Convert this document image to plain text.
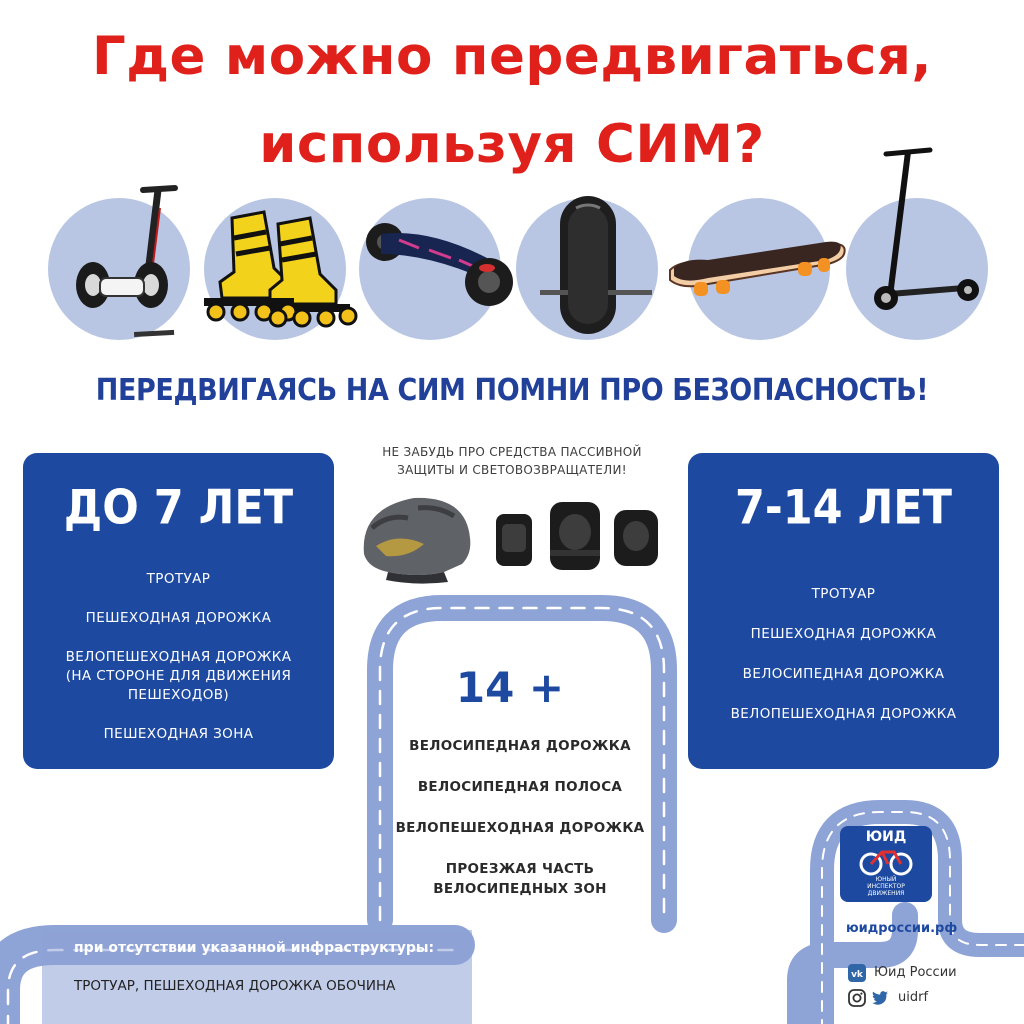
Где можно передвигаться,
используя СИМ?
ПЕРЕДВИГАЯСЬ НА СИМ ПОМНИ ПРО БЕЗОПАСНОСТЬ!
НЕ ЗАБУДЬ ПРО СРЕДСТВА ПАССИВНОЙ
ЗАЩИТЫ И СВЕТОВОЗВРАЩАТЕЛИ!
ДО 7 ЛЕТ
ТРОТУАР
ПЕШЕХОДНАЯ ДОРОЖКА
ВЕЛОПЕШЕХОДНАЯ ДОРОЖКА
(НА СТОРОНЕ ДЛЯ ДВИЖЕНИЯ
ПЕШЕХОДОВ)
ПЕШЕХОДНАЯ ЗОНА
7-14 ЛЕТ
ТРОТУАР
ПЕШЕХОДНАЯ ДОРОЖКА
ВЕЛОСИПЕДНАЯ ДОРОЖКА
ВЕЛОПЕШЕХОДНАЯ ДОРОЖКА
14 +
ВЕЛОСИПЕДНАЯ ДОРОЖКА
ВЕЛОСИПЕДНАЯ ПОЛОСА
ВЕЛОПЕШЕХОДНАЯ ДОРОЖКА
ПРОЕЗЖАЯ ЧАСТЬ
ВЕЛОСИПЕДНЫХ ЗОН
при отсутствии указанной инфраструктуры:
ТРОТУАР, ПЕШЕХОДНАЯ ДОРОЖКА ОБОЧИНА
ЮИД
ЮНЫЙ
ИНСПЕКТОР
ДВИЖЕНИЯ
юидроссии.рф
vk Юид России
uidrf
